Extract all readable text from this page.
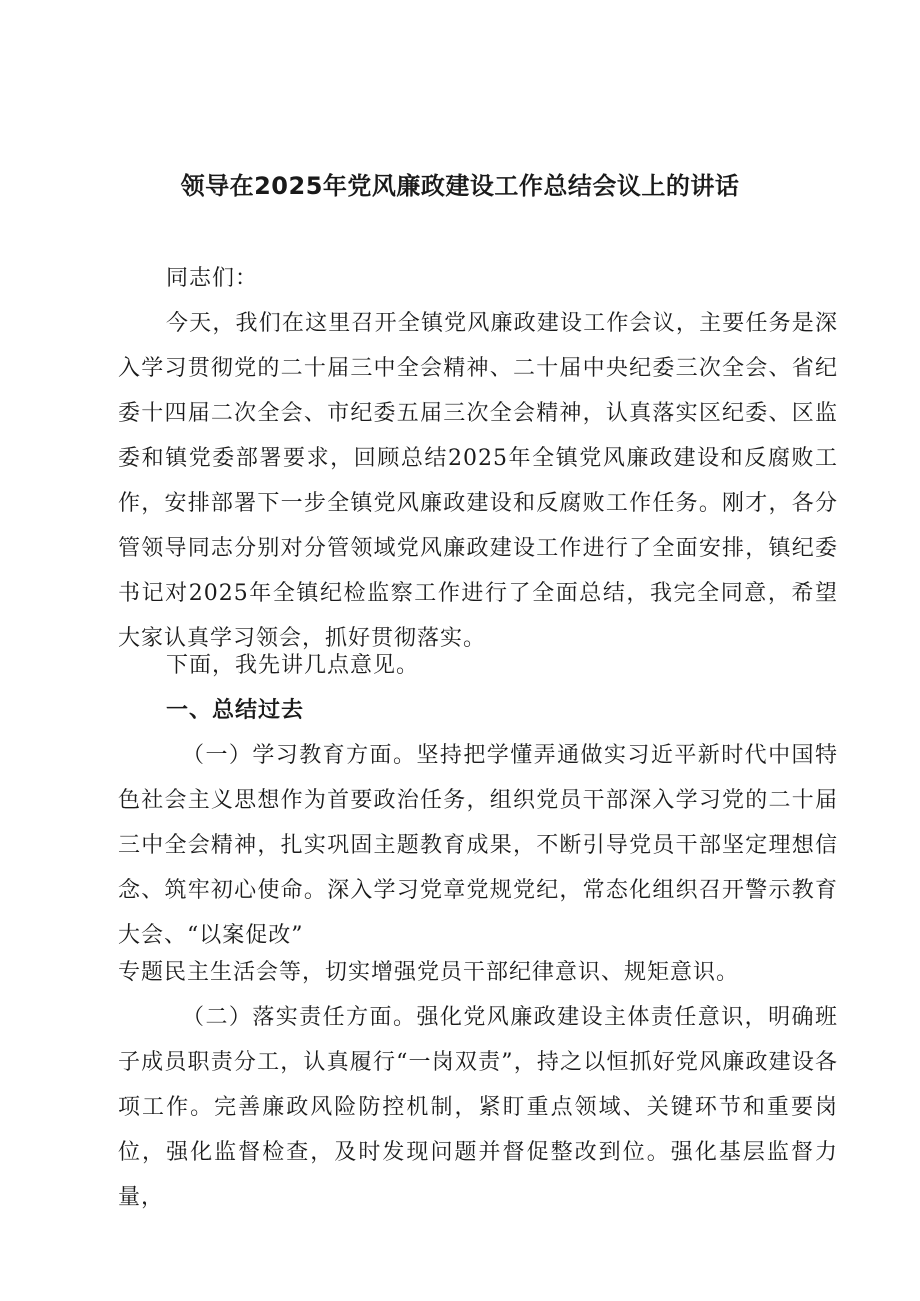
领导在2025年党风廉政建设工作总结会议上的讲话

同志们：

今天，我们在这里召开全镇党风廉政建设工作会议，主要任务是深入学习贯彻党的二十届三中全会精神、二十届中央纪委三次全会、省纪委十四届二次全会、市纪委五届三次全会精神，认真落实区纪委、区监委和镇党委部署要求，回顾总结2025年全镇党风廉政建设和反腐败工作，安排部署下一步全镇党风廉政建设和反腐败工作任务。刚才，各分管领导同志分别对分管领域党风廉政建设工作进行了全面安排，镇纪委书记对2025年全镇纪检监察工作进行了全面总结，我完全同意，希望大家认真学习领会，抓好贯彻落实。

下面，我先讲几点意见。

一、总结过去

（一）学习教育方面。坚持把学懂弄通做实习近平新时代中国特色社会主义思想作为首要政治任务，组织党员干部深入学习党的二十届三中全会精神，扎实巩固主题教育成果，不断引导党员干部坚定理想信念、筑牢初心使命。深入学习党章党规党纪，常态化组织召开警示教育大会、“以案促改”

专题民主生活会等，切实增强党员干部纪律意识、规矩意识。

（二）落实责任方面。强化党风廉政建设主体责任意识，明确班子成员职责分工，认真履行“一岗双责”，持之以恒抓好党风廉政建设各项工作。完善廉政风险防控机制，紧盯重点领域、关键环节和重要岗位，强化监督检查，及时发现问题并督促整改到位。强化基层监督力量，
